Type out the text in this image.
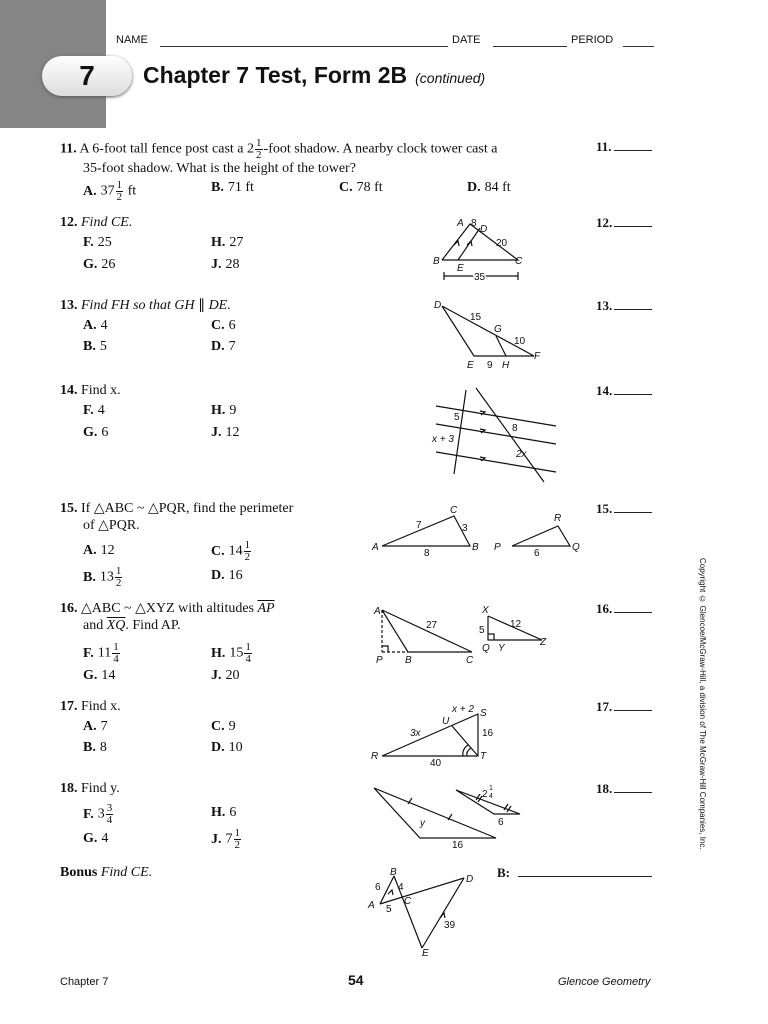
7
NAME	DATE	PERIOD
Chapter 7 Test, Form 2B (continued)
11. A 6-foot tall fence post cast a $2 \frac{1}{2}$ -foot shadow. A nearby clock tower cast a
35-foot shadow. What is the height of the tower?
A. $37 \frac{1}{2}$ ft	B. 71 ft	C. 78 ft	D. 84 ft
11.
12. Find CE.
F. 25	H. 27
G. 26	J. 28
12.
A 8
D
20
B
E
C
35
13. Find FH so that GH ∥ DE.
A. 4	C. 6
B. 5	D. 7
13.
D
15
G
10
F
E 9 H
14. Find x.
F. 4	H. 9
G. 6	J. 12
14.
5
x + 3
8
2x
15. If △ABC ~ △PQR, find the perimeter
of △PQR.
A. 12	C. $14 \frac{1}{2}$
B. $13 \frac{1}{2}$	D. 16
15.
A
C
B
7	3
8
P
R
Q
6
16. △ABC ~ △XYZ with altitudes $\overline{AP}$
and $\overline{XQ}$. Find AP.
F. $11 \frac{1}{4}$	H. $15 \frac{1}{4}$
G. 14	J. 20
16.
A
27
P B	C
X
5
12
Q Y
Z
17. Find x.
A. 7	C. 9
B. 8	D. 10
17.
x + 2 S
U
3x	16
R	T
40
18. Find y.
F. $3 \frac{3}{4}$	H. 6
G. 4	J. $7 \frac{1}{2}$
18.
y
16
2
1
4
6
Bonus Find CE.	B:
B
6 4
A	C
5
D
39
E
Copyright © Glencoe/McGraw-Hill, a division of The McGraw-Hill Companies, Inc.
Chapter 7	54	Glencoe Geometry
